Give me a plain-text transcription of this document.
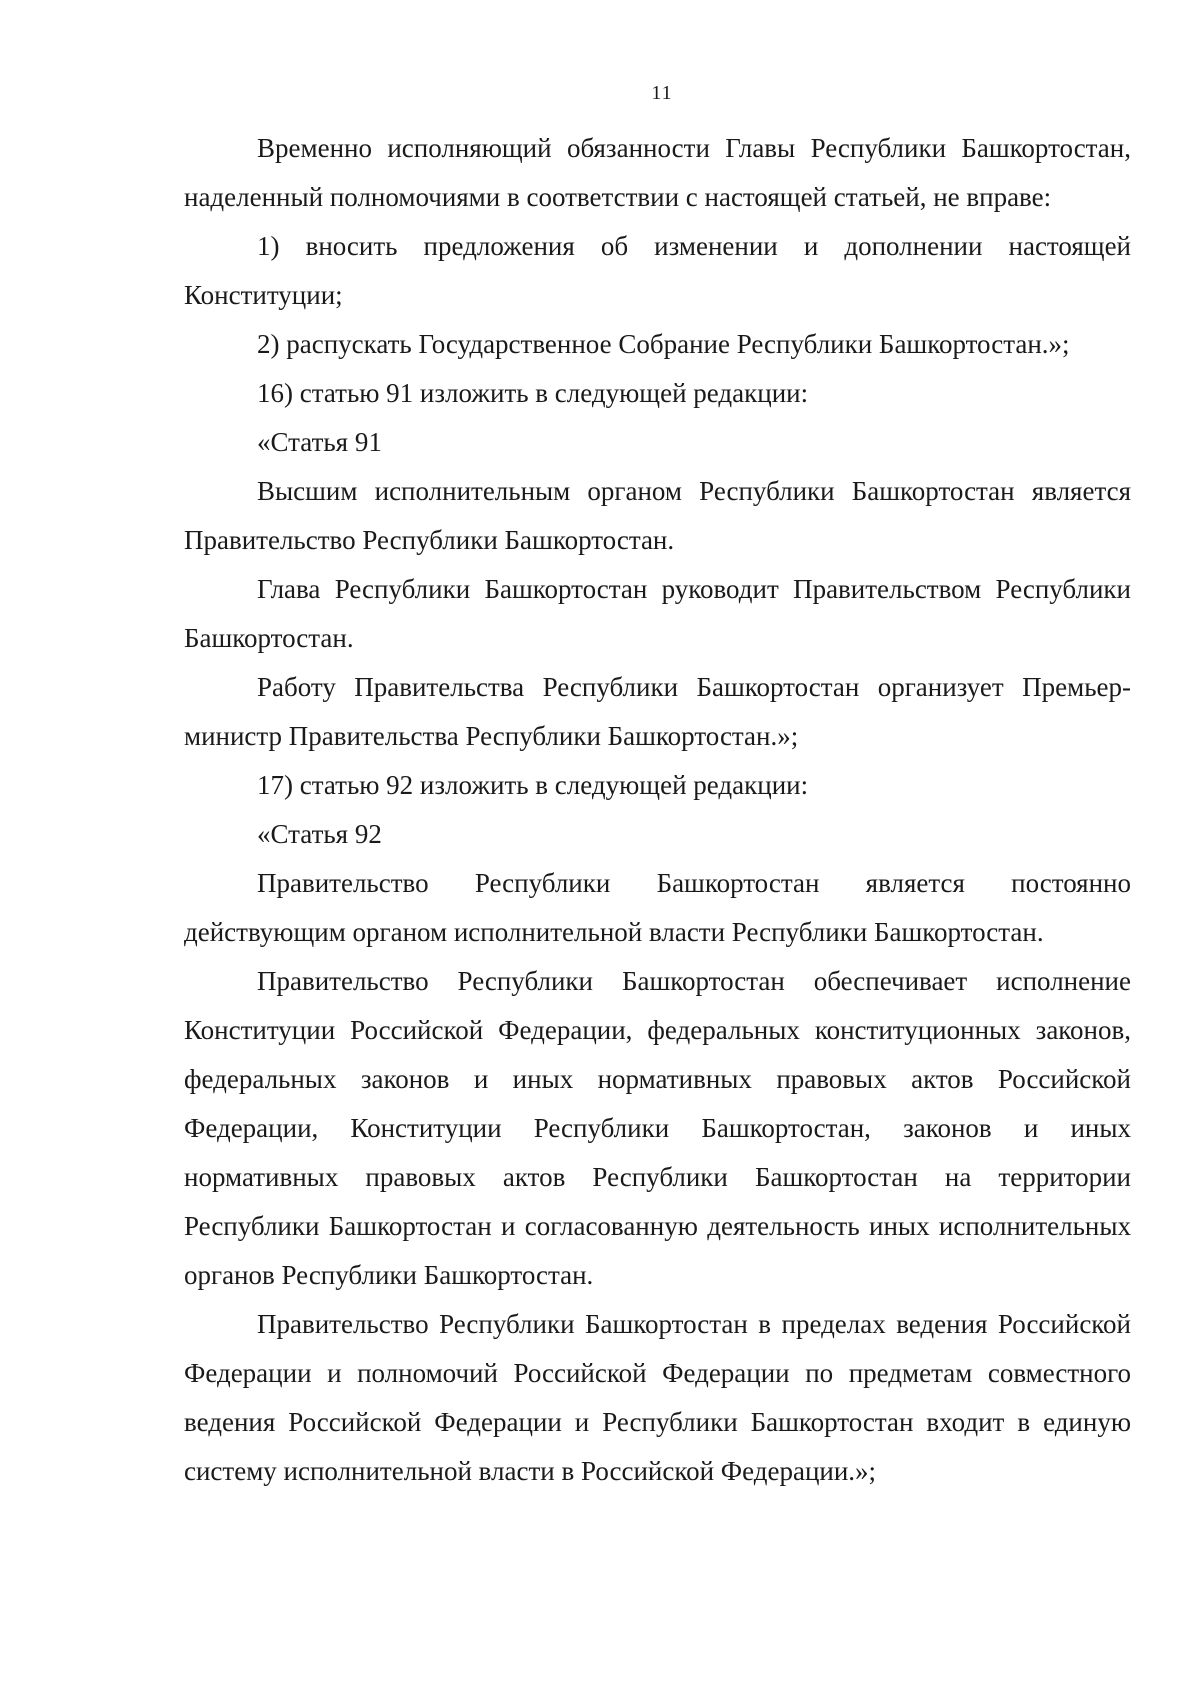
11

Временно исполняющий обязанности Главы Республики Башкортостан, наделенный полномочиями в соответствии с настоящей статьей, не вправе:

1) вносить предложения об изменении и дополнении настоящей Конституции;

2) распускать Государственное Собрание Республики Башкортостан.»;

16) статью 91 изложить в следующей редакции:

«Статья 91

Высшим исполнительным органом Республики Башкортостан является Правительство Республики Башкортостан.

Глава Республики Башкортостан руководит Правительством Республики Башкортостан.

Работу Правительства Республики Башкортостан организует Премьер-министр Правительства Республики Башкортостан.»;

17) статью 92 изложить в следующей редакции:

«Статья 92

Правительство Республики Башкортостан является постоянно действующим органом исполнительной власти Республики Башкортостан.

Правительство Республики Башкортостан обеспечивает исполнение Конституции Российской Федерации, федеральных конституционных законов, федеральных законов и иных нормативных правовых актов Российской Федерации, Конституции Республики Башкортостан, законов и иных нормативных правовых актов Республики Башкортостан на территории Республики Башкортостан и согласованную деятельность иных исполнительных органов Республики Башкортостан.

Правительство Республики Башкортостан в пределах ведения Российской Федерации и полномочий Российской Федерации по предметам совместного ведения Российской Федерации и Республики Башкортостан входит в единую систему исполнительной власти в Российской Федерации.»;
